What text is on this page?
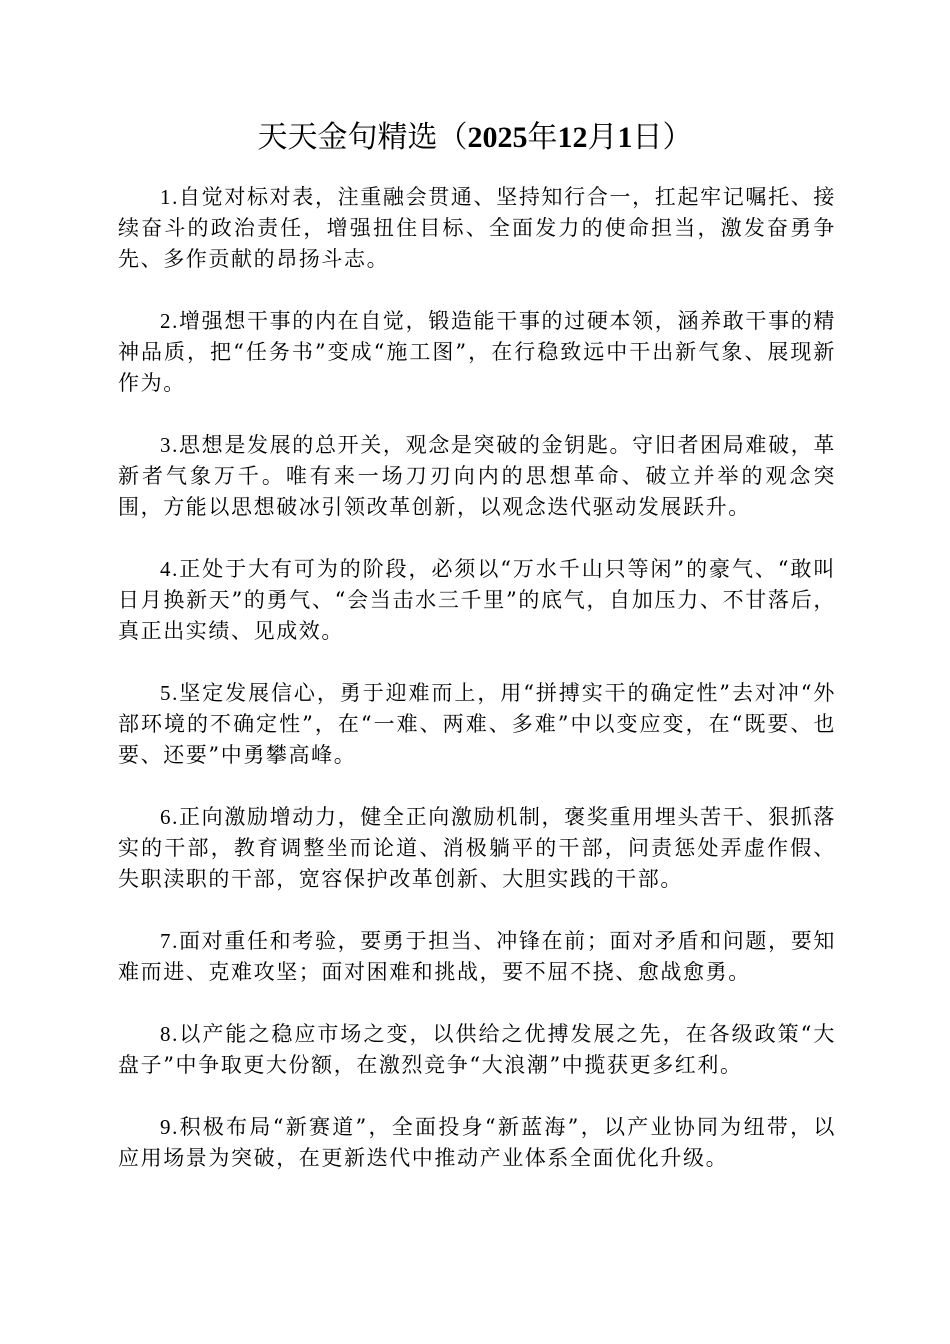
天天金句精选（2025年12月1日）

1.自觉对标对表，注重融会贯通、坚持知行合一，扛起牢记嘱托、接续奋斗的政治责任，增强扭住目标、全面发力的使命担当，激发奋勇争先、多作贡献的昂扬斗志。

2.增强想干事的内在自觉，锻造能干事的过硬本领，涵养敢干事的精神品质，把“任务书”变成“施工图”，在行稳致远中干出新气象、展现新作为。

3.思想是发展的总开关，观念是突破的金钥匙。守旧者困局难破，革新者气象万千。唯有来一场刀刃向内的思想革命、破立并举的观念突围，方能以思想破冰引领改革创新，以观念迭代驱动发展跃升。

4.正处于大有可为的阶段，必须以“万水千山只等闲”的豪气、“敢叫日月换新天”的勇气、“会当击水三千里”的底气，自加压力、不甘落后，真正出实绩、见成效。

5.坚定发展信心，勇于迎难而上，用“拼搏实干的确定性”去对冲“外部环境的不确定性”，在“一难、两难、多难”中以变应变，在“既要、也要、还要”中勇攀高峰。

6.正向激励增动力，健全正向激励机制，褒奖重用埋头苦干、狠抓落实的干部，教育调整坐而论道、消极躺平的干部，问责惩处弄虚作假、失职渎职的干部，宽容保护改革创新、大胆实践的干部。

7.面对重任和考验，要勇于担当、冲锋在前；面对矛盾和问题，要知难而进、克难攻坚；面对困难和挑战，要不屈不挠、愈战愈勇。

8.以产能之稳应市场之变，以供给之优搏发展之先，在各级政策“大盘子”中争取更大份额，在激烈竞争“大浪潮”中揽获更多红利。

9.积极布局“新赛道”，全面投身“新蓝海”，以产业协同为纽带，以应用场景为突破，在更新迭代中推动产业体系全面优化升级。
